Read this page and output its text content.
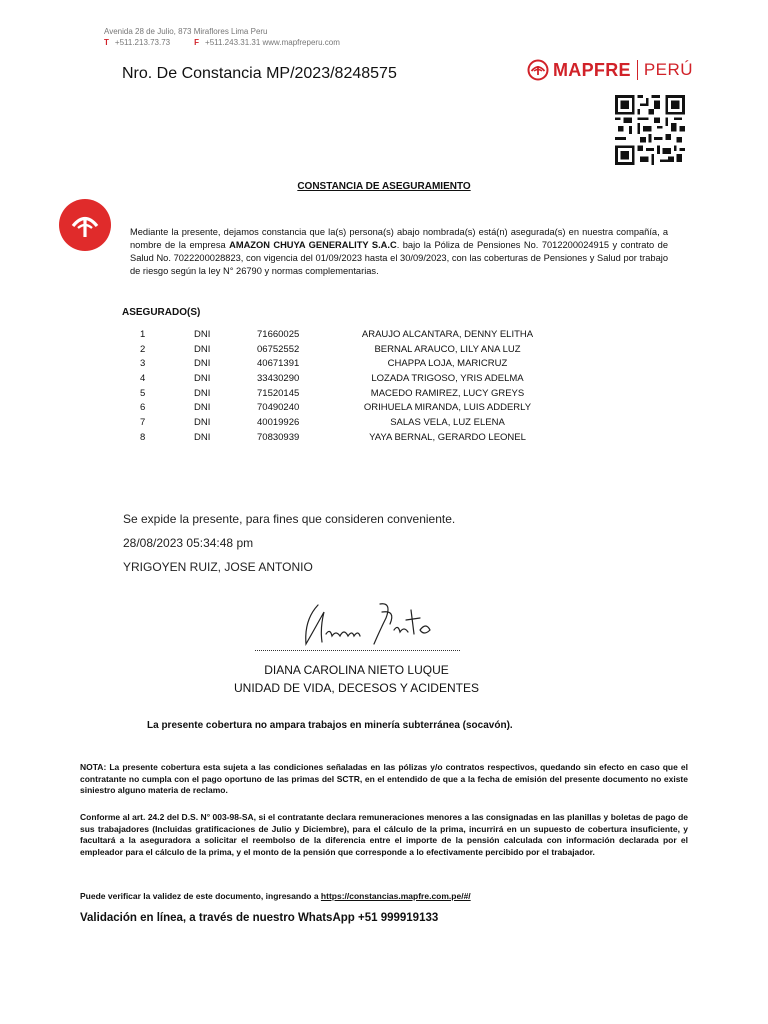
Avenida 28 de Julio, 873 Miraflores Lima Peru
T +511.213.73.73	F +511.243.31.31 www.mapfreperu.com
Nro. De Constancia MP/2023/8248575	MAPFRE PERÚ
CONSTANCIA DE ASEGURAMIENTO
Mediante la presente, dejamos constancia que la(s) persona(s) abajo nombrada(s) está(n) asegurada(s) en nuestra compañía, a nombre de la empresa AMAZON CHUYA GENERALITY S.A.C. bajo la Póliza de Pensiones No. 7012200024915 y contrato de Salud No. 7022200028823, con vigencia del 01/09/2023 hasta el 30/09/2023, con las coberturas de Pensiones y Salud por trabajo de riesgo según la ley N° 26790 y normas complementarias.
ASEGURADO(S)
1	DNI	71660025	ARAUJO ALCANTARA, DENNY ELITHA
2	DNI	06752552	BERNAL ARAUCO, LILY ANA LUZ
3	DNI	40671391	CHAPPA LOJA, MARICRUZ
4	DNI	33430290	LOZADA TRIGOSO, YRIS ADELMA
5	DNI	71520145	MACEDO RAMIREZ, LUCY GREYS
6	DNI	70490240	ORIHUELA MIRANDA, LUIS ADDERLY
7	DNI	40019926	SALAS VELA, LUZ ELENA
8	DNI	70830939	YAYA BERNAL, GERARDO LEONEL
Se expide la presente, para fines que consideren conveniente.
28/08/2023 05:34:48 pm
YRIGOYEN RUIZ, JOSE ANTONIO
DIANA CAROLINA NIETO LUQUE
UNIDAD DE VIDA, DECESOS Y ACIDENTES
La presente cobertura no ampara trabajos en minería subterránea (socavón).
NOTA: La presente cobertura esta sujeta a las condiciones señaladas en las pólizas y/o contratos respectivos, quedando sin efecto en caso que el contratante no cumpla con el pago oportuno de las primas del SCTR, en el entendido de que a la fecha de emisión del presente documento no existe siniestro alguno materia de reclamo.
Conforme al art. 24.2 del D.S. N° 003-98-SA, si el contratante declara remuneraciones menores a las consignadas en las planillas y boletas de pago de sus trabajadores (Incluidas gratificaciones de Julio y Diciembre), para el cálculo de la prima, incurrirá en un supuesto de cobertura insuficiente, y facultará a la aseguradora a solicitar el reembolso de la diferencia entre el importe de la pensión calculada con información declarada por el empleador para el cálculo de la prima, y el monto de la pensión que corresponde a lo efectivamente percibido por el trabajador.
Puede verificar la validez de este documento, ingresando a https://constancias.mapfre.com.pe/#/
Validación en línea, a través de nuestro WhatsApp +51 999919133
